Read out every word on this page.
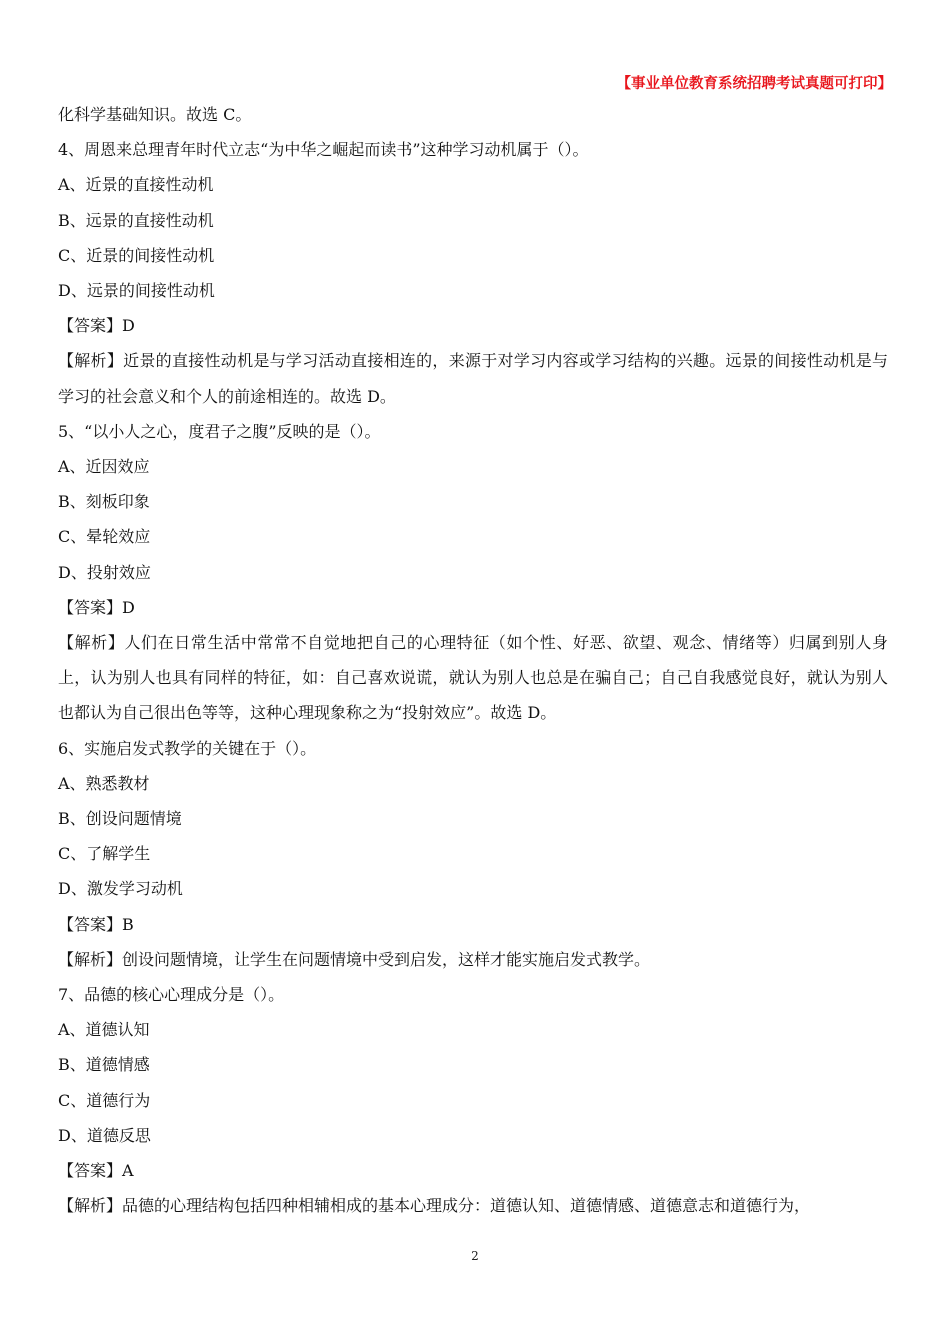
【事业单位教育系统招聘考试真题可打印】
化科学基础知识。故选 C。
4、周恩来总理青年时代立志“为中华之崛起而读书”这种学习动机属于（）。
A、近景的直接性动机
B、远景的直接性动机
C、近景的间接性动机
D、远景的间接性动机
【答案】D
【解析】近景的直接性动机是与学习活动直接相连的，来源于对学习内容或学习结构的兴趣。远景的间接性动机是与学习的社会意义和个人的前途相连的。故选 D。
5、“以小人之心，度君子之腹”反映的是（）。
A、近因效应
B、刻板印象
C、晕轮效应
D、投射效应
【答案】D
【解析】人们在日常生活中常常不自觉地把自己的心理特征（如个性、好恶、欲望、观念、情绪等）归属到别人身上，认为别人也具有同样的特征，如：自己喜欢说谎，就认为别人也总是在骗自己；自己自我感觉良好，就认为别人也都认为自己很出色等等，这种心理现象称之为“投射效应”。故选 D。
6、实施启发式教学的关键在于（）。
A、熟悉教材
B、创设问题情境
C、了解学生
D、激发学习动机
【答案】B
【解析】创设问题情境，让学生在问题情境中受到启发，这样才能实施启发式教学。
7、品德的核心心理成分是（）。
A、道德认知
B、道德情感
C、道德行为
D、道德反思
【答案】A
【解析】品德的心理结构包括四种相辅相成的基本心理成分：道德认知、道德情感、道德意志和道德行为，
2
